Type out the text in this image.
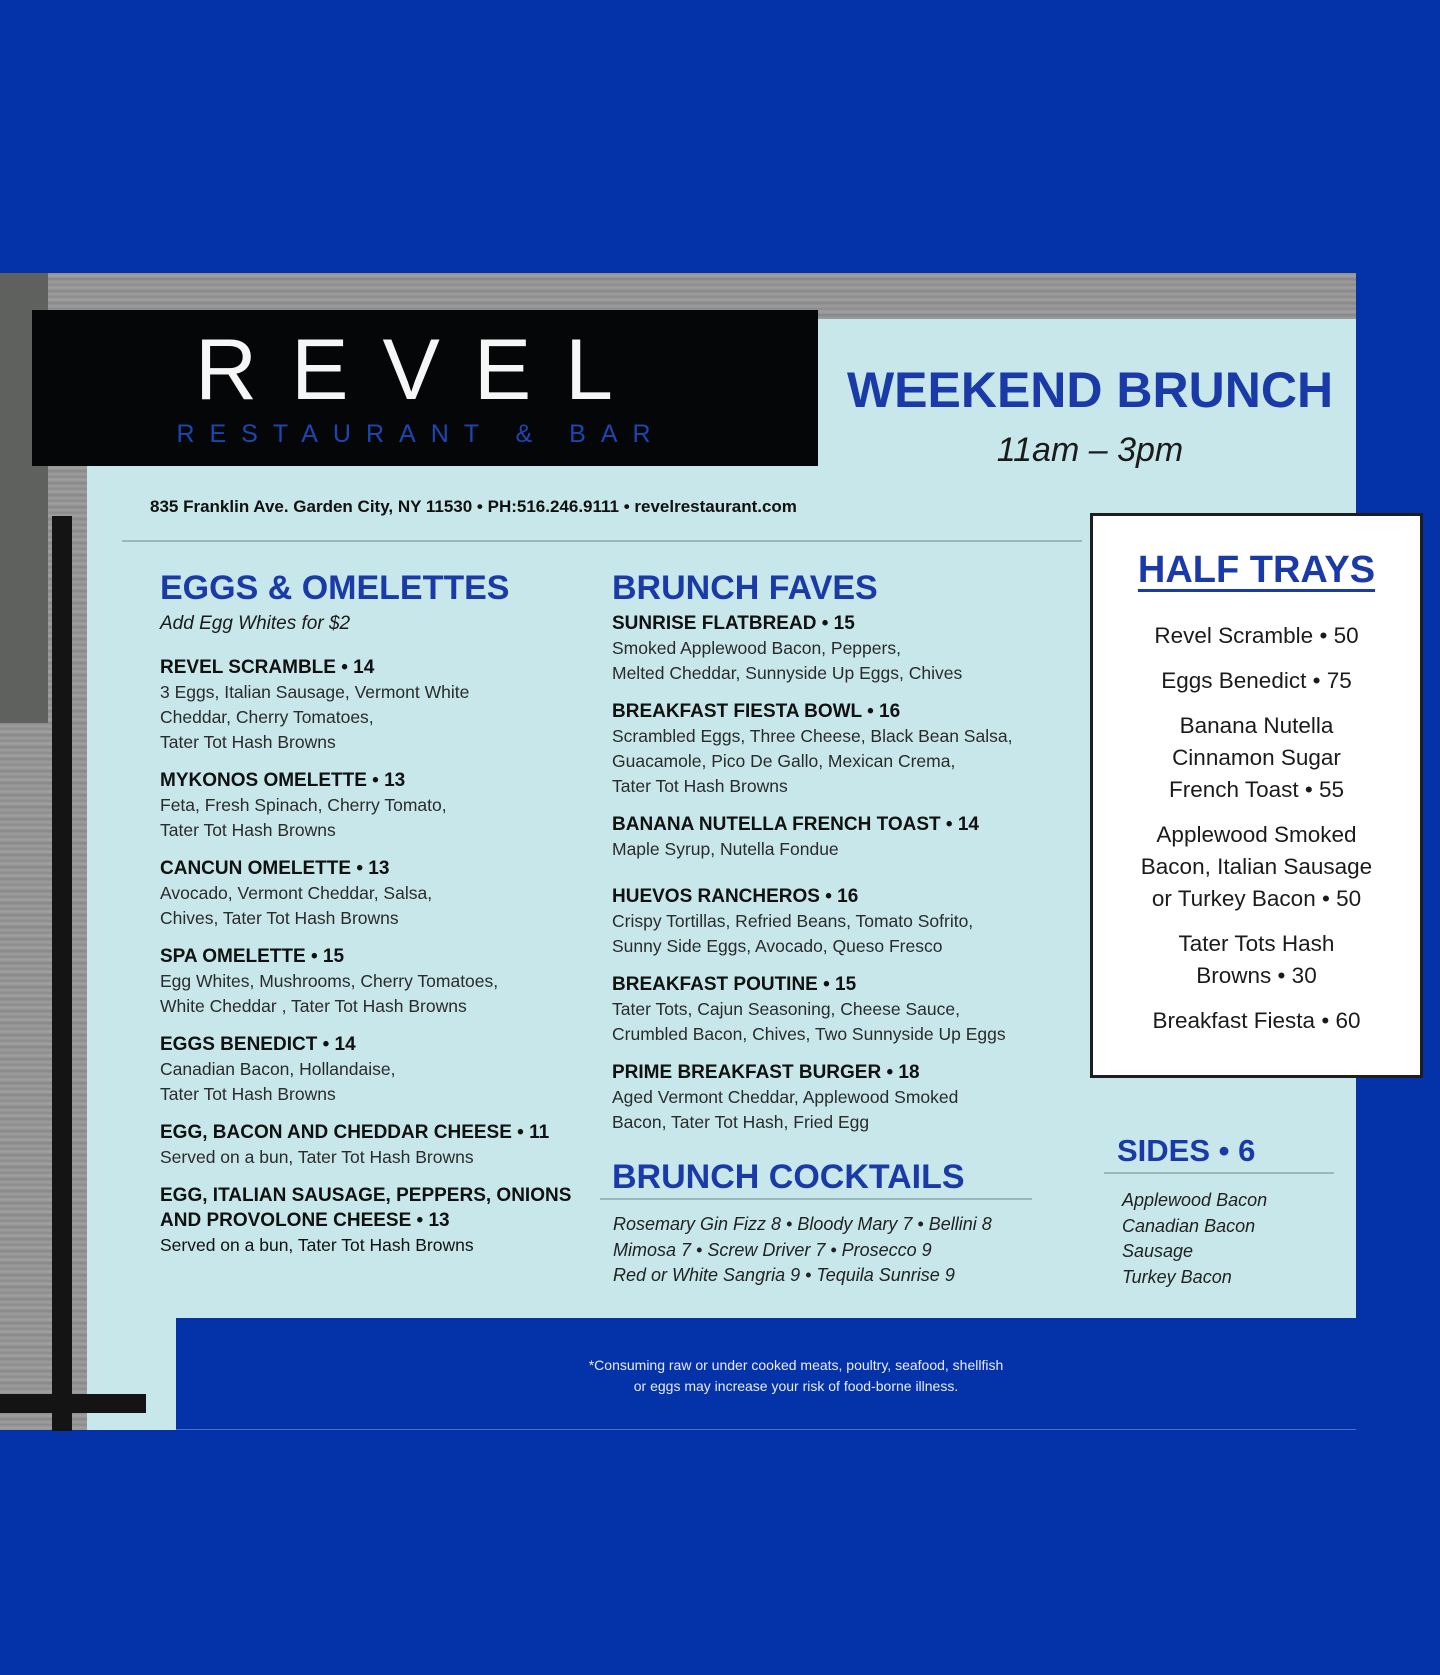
REVEL
RESTAURANT & BAR
WEEKEND BRUNCH
11am – 3pm
835 Franklin Ave. Garden City, NY 11530 • PH:516.246.9111 • revelrestaurant.com
EGGS & OMELETTES
Add Egg Whites for $2
REVEL SCRAMBLE • 14
3 Eggs, Italian Sausage, Vermont White
Cheddar, Cherry Tomatoes,
Tater Tot Hash Browns
MYKONOS OMELETTE • 13
Feta, Fresh Spinach, Cherry Tomato,
Tater Tot Hash Browns
CANCUN OMELETTE • 13
Avocado, Vermont Cheddar, Salsa,
Chives, Tater Tot Hash Browns
SPA OMELETTE • 15
Egg Whites, Mushrooms, Cherry Tomatoes,
White Cheddar , Tater Tot Hash Browns
EGGS BENEDICT • 14
Canadian Bacon, Hollandaise,
Tater Tot Hash Browns
EGG, BACON AND CHEDDAR CHEESE • 11
Served on a bun, Tater Tot Hash Browns
EGG, ITALIAN SAUSAGE, PEPPERS, ONIONS
AND PROVOLONE CHEESE • 13
Served on a bun, Tater Tot Hash Browns
BRUNCH FAVES
SUNRISE FLATBREAD • 15
Smoked Applewood Bacon, Peppers,
Melted Cheddar, Sunnyside Up Eggs, Chives
BREAKFAST FIESTA BOWL • 16
Scrambled Eggs, Three Cheese, Black Bean Salsa,
Guacamole, Pico De Gallo, Mexican Crema,
Tater Tot Hash Browns
BANANA NUTELLA FRENCH TOAST • 14
Maple Syrup, Nutella Fondue
HUEVOS RANCHEROS • 16
Crispy Tortillas, Refried Beans, Tomato Sofrito,
Sunny Side Eggs, Avocado, Queso Fresco
BREAKFAST POUTINE • 15
Tater Tots, Cajun Seasoning, Cheese Sauce,
Crumbled Bacon, Chives, Two Sunnyside Up Eggs
PRIME BREAKFAST BURGER • 18
Aged Vermont Cheddar, Applewood Smoked
Bacon, Tater Tot Hash, Fried Egg
BRUNCH COCKTAILS
Rosemary Gin Fizz 8 • Bloody Mary 7 • Bellini 8
Mimosa 7 • Screw Driver 7 • Prosecco 9
Red or White Sangria 9 • Tequila Sunrise 9
HALF TRAYS
Revel Scramble • 50
Eggs Benedict • 75
Banana Nutella
Cinnamon Sugar
French Toast • 55
Applewood Smoked
Bacon, Italian Sausage
or Turkey Bacon • 50
Tater Tots Hash
Browns • 30
Breakfast Fiesta • 60
SIDES • 6
Applewood Bacon
Canadian Bacon
Sausage
Turkey Bacon
*Consuming raw or under cooked meats, poultry, seafood, shellfish
or eggs may increase your risk of food-borne illness.
